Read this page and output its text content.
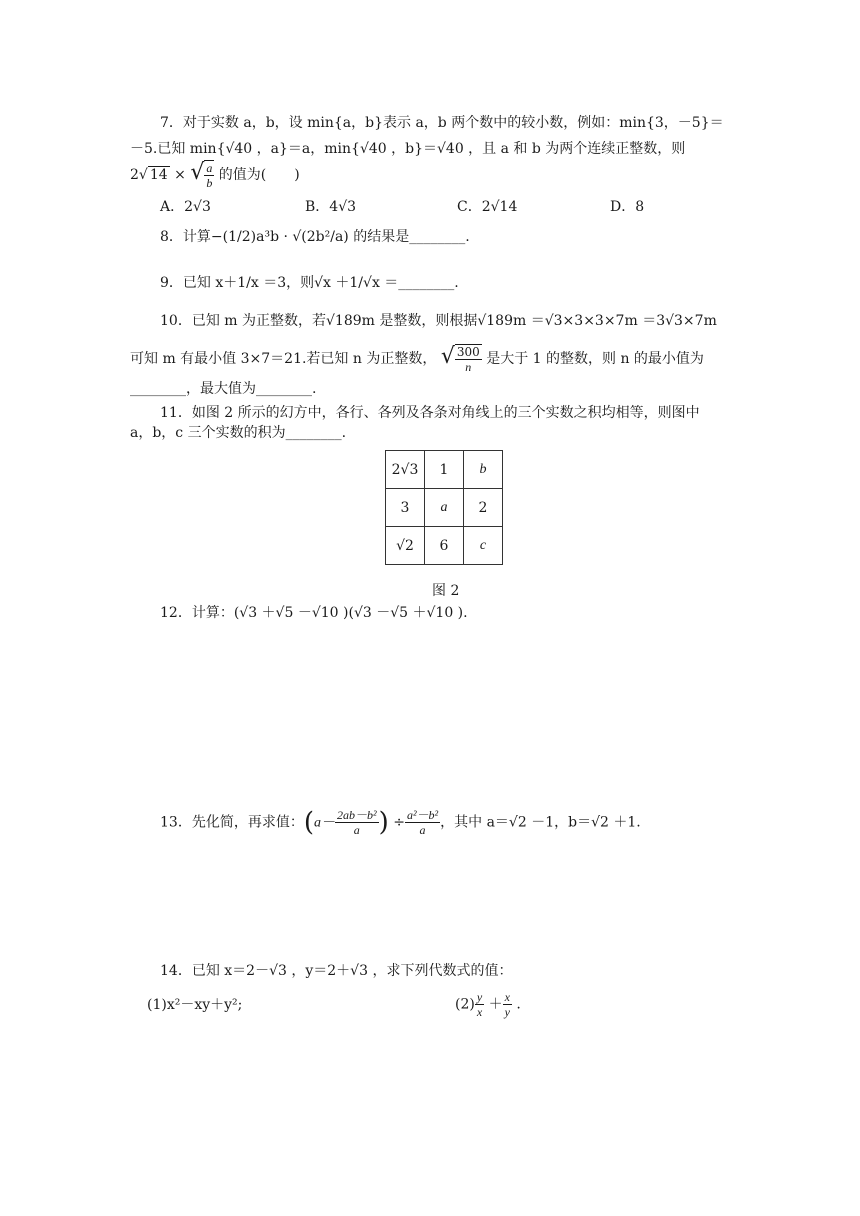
7．对于实数 a，b，设 min{a，b}表示 a，b 两个数中的较小数，例如：min{3，－5}＝
－5.已知 min{√40 ，a}＝a，min{√40 ，b}＝√40 ，且 a 和 b 为两个连续正整数，则
2√ 14 × √ $\frac{a}{b}$ 的值为(　　)
A．2√3	B．4√3	C．2√14	D．8
8．计算−(1/2)a³b · √(2b²/a) 的结果是________.
9．已知 x＋1/x ＝3，则√x ＋1/√x ＝________.
10．已知 m 为正整数，若√189m 是整数，则根据√189m ＝√3×3×3×7m ＝3√3×7m
可知 m 有最小值 3×7＝21.若已知 n 为正整数， √ $\frac{300}{n}$ 是大于 1 的整数，则 n 的最小值为
________，最大值为________.
11．如图 2 所示的幻方中，各行、各列及各条对角线上的三个实数之积均相等，则图中
a，b，c 三个实数的积为________.
2√3	1	b
3	a	2
√2	6	c
图 2
12．计算：(√3 ＋√5 －√10 )(√3 －√5 ＋√10 ).
13．先化简，再求值：($a- \frac{\text{2ab－b²}}{a}$ ) ÷ $\frac{\text{a²－b²}}{a}$ ，其中 a＝√2 －1，b＝√2 ＋1.
14．已知 x＝2－√3 ，y＝2＋√3 ，求下列代数式的值：
(1)x²－xy＋y²;	$(2) \frac{y}{x} + \frac{x}{y}$ .
